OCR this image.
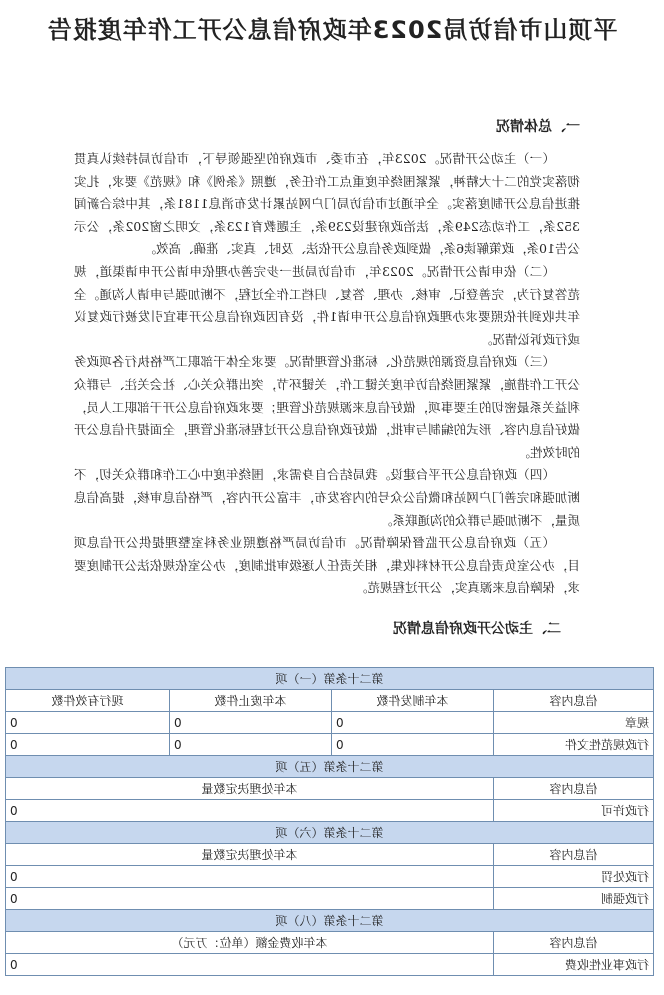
平顶山市信访局2023年政府信息公开工作年度报告
一、总体情况

（一）主动公开情况。2023年，在市委、市政府的坚强领导下，市信访局持续认真贯彻落实党的二十大精神，紧紧围绕年度重点工作任务，遵照《条例》和《规范》要求，扎实推进信息公开制度落实。全年通过市信访局门户网站累计发布消息1181条，其中综合新闻352条，工作动态249条，法治政府建设239条，主题教育123条，文明之窗202条，公示公告10条，政策解读6条，做到政务信息公开依法、及时、真实、准确、高效。

（二）依申请公开情况。2023年，市信访局进一步完善办理依申请公开申请渠道，规范答复行为，完善登记、审核、办理、答复、归档工作全过程，不断加强与申请人沟通。全年共收到并依照要求办理政府信息公开申请1件，没有因政府信息公开事宜引发被行政复议或行政诉讼情况。

（三）政府信息资源的规范化、标准化管理情况。要求全体干部职工严格执行各项政务公开工作措施，紧紧围绕信访年度关键工作，关键环节，突出群众关心、社会关注、与群众利益关系最密切的主要事项，做好信息来源规范化管理；要求政府信息公开干部职工人员，做好信息内容、形式的编制与审批，做好政府信息公开过程标准化管理，全面提升信息公开的时效性。

（四）政府信息公开平台建设。我局结合自身需求，围绕年度中心工作和群众关切，不断加强和完善门户网站和微信公众号的内容发布，丰富公开内容，严格信息审核，提高信息质量，不断加强与群众的沟通联系。

（五）政府信息公开监督保障情况。市信访局严格遵照业务科室整理提供公开信息项目，办公室负责信息公开材料收集，相关责任人逐级审批制度，办公室依规依法公开制度要求，保障信息来源真实，公开过程规范。

二、主动公开政府信息情况
第二十条第（一）项			
信息内容	本年制发件数	本年废止件数	现行有效件数
规章	0	0	0
行政规范性文件	0	0	0
第二十条第（五）项			
信息内容	本年处理决定数量		
行政许可	0		
第二十条第（六）项			
信息内容	本年处理决定数量		
行政处罚	0		
行政强制	0		
第二十条第（八）项			
信息内容	本年收费金额（单位：万元）		
行政事业性收费	0		
